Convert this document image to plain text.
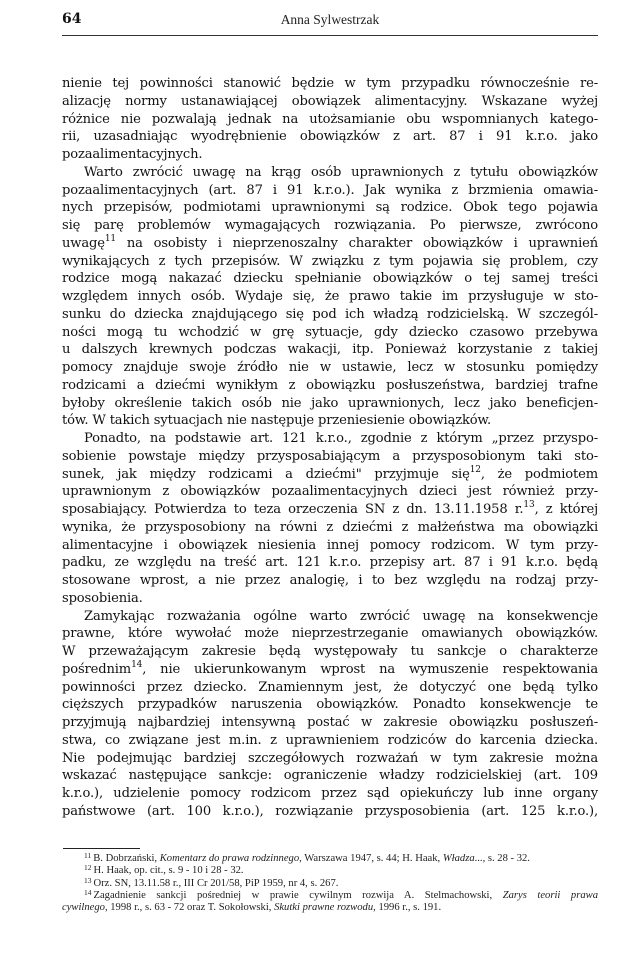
64	Anna Sylwestrzak
nienie tej powinności stanowić będzie w tym przypadku równocześnie re-
alizację normy ustanawiającej obowiązek alimentacyjny. Wskazane wyżej
różnice nie pozwalają jednak na utożsamianie obu wspomnianych katego-
rii, uzasadniając wyodrębnienie obowiązków z art. 87 i 91 k.r.o. jako
pozaalimentacyjnych.
Warto zwrócić uwagę na krąg osób uprawnionych z tytułu obowiązków
pozaalimentacyjnych (art. 87 i 91 k.r.o.). Jak wynika z brzmienia omawia-
nych przepisów, podmiotami uprawnionymi są rodzice. Obok tego pojawia
się parę problemów wymagających rozwiązania. Po pierwsze, zwrócono
uwagę$^{11}$ na osobisty i nieprzenoszalny charakter obowiązków i uprawnień
wynikających z tych przepisów. W związku z tym pojawia się problem, czy
rodzice mogą nakazać dziecku spełnianie obowiązków o tej samej treści
względem innych osób. Wydaje się, że prawo takie im przysługuje w sto-
sunku do dziecka znajdującego się pod ich władzą rodzicielską. W szczegól-
ności mogą tu wchodzić w grę sytuacje, gdy dziecko czasowo przebywa
u dalszych krewnych podczas wakacji, itp. Ponieważ korzystanie z takiej
pomocy znajduje swoje źródło nie w ustawie, lecz w stosunku pomiędzy
rodzicami a dziećmi wynikłym z obowiązku posłuszeństwa, bardziej trafne
byłoby określenie takich osób nie jako uprawnionych, lecz jako beneficjen-
tów. W takich sytuacjach nie następuje przeniesienie obowiązków.
Ponadto, na podstawie art. 121 k.r.o., zgodnie z którym „przez przyspo-
sobienie powstaje między przysposabiającym a przysposobionym taki sto-
sunek, jak między rodzicami a dziećmi" przyjmuje się$^{12}$, że podmiotem
uprawnionym z obowiązków pozaalimentacyjnych dzieci jest również przy-
sposabiający. Potwierdza to teza orzeczenia SN z dn. 13.11.1958 r.$^{13}$, z której
wynika, że przysposobiony na równi z dziećmi z małżeństwa ma obowiązki
alimentacyjne i obowiązek niesienia innej pomocy rodzicom. W tym przy-
padku, ze względu na treść art. 121 k.r.o. przepisy art. 87 i 91 k.r.o. będą
stosowane wprost, a nie przez analogię, i to bez względu na rodzaj przy-
sposobienia.
Zamykając rozważania ogólne warto zwrócić uwagę na konsekwencje
prawne, które wywołać może nieprzestrzeganie omawianych obowiązków.
W przeważającym zakresie będą występowały tu sankcje o charakterze
pośrednim$^{14}$, nie ukierunkowanym wprost na wymuszenie respektowania
powinności przez dziecko. Znamiennym jest, że dotyczyć one będą tylko
cięższych przypadków naruszenia obowiązków. Ponadto konsekwencje te
przyjmują najbardziej intensywną postać w zakresie obowiązku posłuszeń-
stwa, co związane jest m.in. z uprawnieniem rodziców do karcenia dziecka.
Nie podejmując bardziej szczegółowych rozważań w tym zakresie można
wskazać następujące sankcje: ograniczenie władzy rodzicielskiej (art. 109
k.r.o.), udzielenie pomocy rodzicom przez sąd opiekuńczy lub inne organy
państwowe (art. 100 k.r.o.), rozwiązanie przysposobienia (art. 125 k.r.o.),
$^{11}$ B. Dobrzański, Komentarz do prawa rodzinnego, Warszawa 1947, s. 44; H. Haak, Władza..., s. 28 - 32.
$^{12}$ H. Haak, op. cit., s. 9 - 10 i 28 - 32.
$^{13}$ Orz. SN, 13.11.58 r., III Cr 201/58, PiP 1959, nr 4, s. 267.
$^{14}$ Zagadnienie sankcji pośredniej w prawie cywilnym rozwija A. Stelmachowski, Zarys teorii prawa
cywilnego, 1998 r., s. 63 - 72 oraz T. Sokołowski, Skutki prawne rozwodu, 1996 r., s. 191.
